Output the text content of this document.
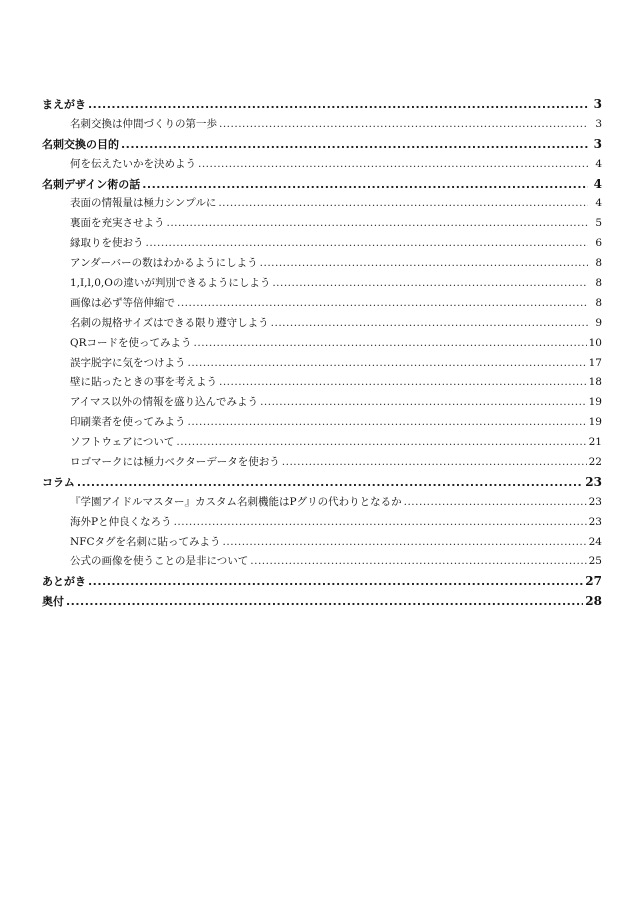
まえがき .....	3
名刺交換は仲間づくりの第一歩 .....	3
名刺交換の目的 .....	3
何を伝えたいかを決めよう .....	4
名刺デザイン術の話 .....	4
表面の情報量は極力シンプルに .....	4
裏面を充実させよう .....	5
縁取りを使おう .....	6
アンダーバーの数はわかるようにしよう .....	8
1,I,l,0,Oの違いが判別できるようにしよう .....	8
画像は必ず等倍伸縮で .....	8
名刺の規格サイズはできる限り遵守しよう .....	9
QRコードを使ってみよう .....	10
誤字脱字に気をつけよう .....	17
壁に貼ったときの事を考えよう .....	18
アイマス以外の情報を盛り込んでみよう .....	19
印刷業者を使ってみよう .....	19
ソフトウェアについて .....	21
ロゴマークには極力ベクターデータを使おう .....	22
コラム .....	23
『学園アイドルマスター』カスタム名刺機能はPグリの代わりとなるか .....	23
海外Pと仲良くなろう .....	23
NFCタグを名刺に貼ってみよう .....	24
公式の画像を使うことの是非について .....	25
あとがき .....	27
奥付 .....	28
